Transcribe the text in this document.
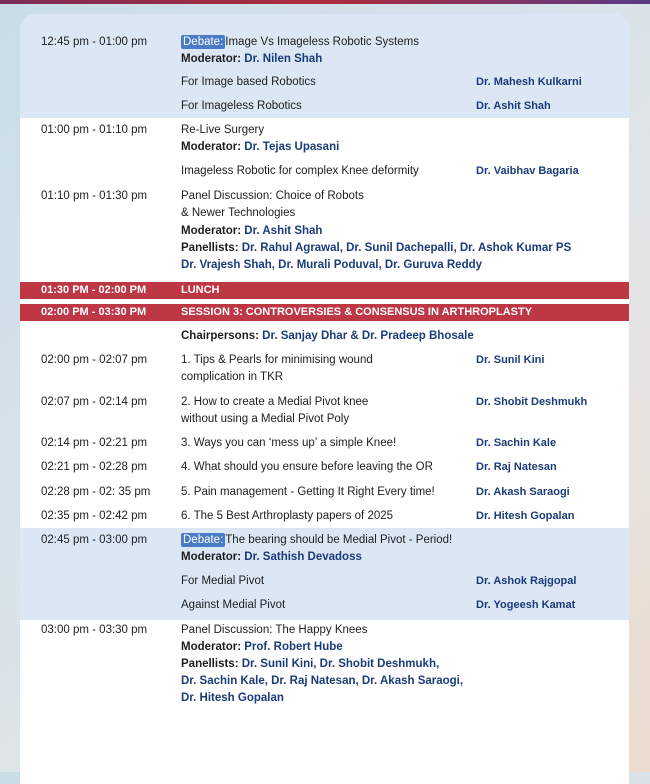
12:45 pm - 01:00 pm	Debate: Image Vs Imageless Robotic Systems
Moderator: Dr. Nilen Shah
For Image based Robotics	Dr. Mahesh Kulkarni
For Imageless Robotics	Dr. Ashit Shah
01:00 pm - 01:10 pm	Re-Live Surgery
Moderator: Dr. Tejas Upasani
Imageless Robotic for complex Knee deformity	Dr. Vaibhav Bagaria
01:10 pm - 01:30 pm	Panel Discussion: Choice of Robots
& Newer Technologies
Moderator: Dr. Ashit Shah
Panellists: Dr. Rahul Agrawal, Dr. Sunil Dachepalli, Dr. Ashok Kumar PS
Dr. Vrajesh Shah, Dr. Murali Poduval, Dr. Guruva Reddy
01:30 PM - 02:00 PM	LUNCH
02:00 PM - 03:30 PM	SESSION 3: CONTROVERSIES & CONSENSUS IN ARTHROPLASTY
Chairpersons: Dr. Sanjay Dhar & Dr. Pradeep Bhosale
02:00 pm - 02:07 pm	1. Tips & Pearls for minimising wound
complication in TKR
Dr. Sunil Kini
02:07 pm - 02:14 pm	2. How to create a Medial Pivot knee
without using a Medial Pivot Poly
Dr. Shobit Deshmukh
02:14 pm - 02:21 pm	3. Ways you can ‘mess up’ a simple Knee!	Dr. Sachin Kale
02:21 pm - 02:28 pm	4. What should you ensure before leaving the OR	Dr. Raj Natesan
02:28 pm - 02: 35 pm	5. Pain management - Getting It Right Every time!	Dr. Akash Saraogi
02:35 pm - 02:42 pm	6. The 5 Best Arthroplasty papers of 2025	Dr. Hitesh Gopalan
02:45 pm - 03:00 pm	Debate: The bearing should be Medial Pivot - Period!
Moderator: Dr. Sathish Devadoss
For Medial Pivot	Dr. Ashok Rajgopal
Against Medial Pivot	Dr. Yogeesh Kamat
03:00 pm - 03:30 pm	Panel Discussion: The Happy Knees
Moderator: Prof. Robert Hube
Panellists: Dr. Sunil Kini, Dr. Shobit Deshmukh,
Dr. Sachin Kale, Dr. Raj Natesan, Dr. Akash Saraogi,
Dr. Hitesh Gopalan
